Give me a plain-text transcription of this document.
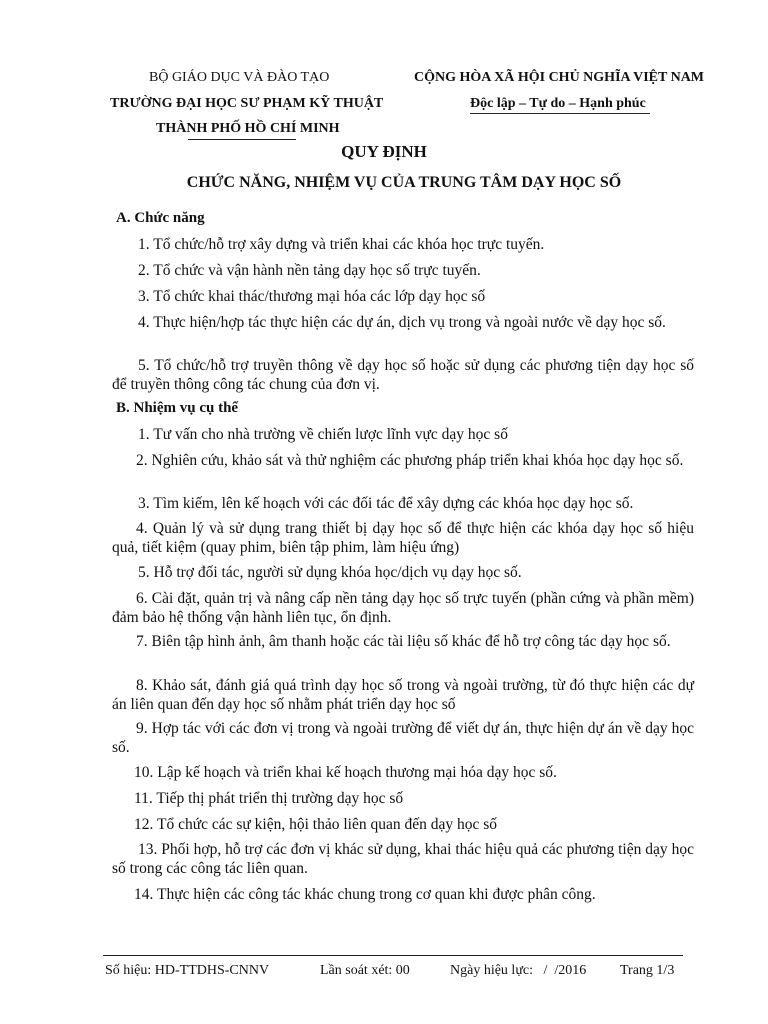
BỘ GIÁO DỤC VÀ ĐÀO TẠO
TRƯỜNG ĐẠI HỌC SƯ PHẠM KỸ THUẬT
THÀNH PHỐ HỒ CHÍ MINH
CỘNG HÒA XÃ HỘI CHỦ NGHĨA VIỆT NAM
Độc lập – Tự do – Hạnh phúc
QUY ĐỊNH
CHỨC NĂNG, NHIỆM VỤ CỦA TRUNG TÂM DẠY HỌC SỐ
A. Chức năng
1. Tổ chức/hỗ trợ xây dựng và triển khai các khóa học trực tuyến.
2. Tổ chức và vận hành nền tảng dạy học số trực tuyến.
3. Tổ chức khai thác/thương mại hóa các lớp dạy học số
4. Thực hiện/hợp tác thực hiện các dự án, dịch vụ trong và ngoài nước về dạy học số.
5. Tổ chức/hỗ trợ truyền thông về dạy học số hoặc sử dụng các phương tiện dạy học số để truyền thông công tác chung của đơn vị.
B. Nhiệm vụ cụ thể
1. Tư vấn cho nhà trường về chiến lược lĩnh vực dạy học số
2. Nghiên cứu, khảo sát và thử nghiệm các phương pháp triển khai khóa học dạy học số.
3. Tìm kiếm, lên kế hoạch với các đối tác để xây dựng các khóa học dạy học số.
4. Quản lý và sử dụng trang thiết bị dạy học số để thực hiện các khóa dạy học số hiệu quả, tiết kiệm (quay phim, biên tập phim, làm hiệu ứng)
5. Hỗ trợ đối tác, người sử dụng khóa học/dịch vụ dạy học số.
6. Cài đặt, quản trị và nâng cấp nền tảng dạy học số trực tuyến (phần cứng và phần mềm) đảm bảo hệ thống vận hành liên tục, ổn định.
7. Biên tập hình ảnh, âm thanh hoặc các tài liệu số khác để hỗ trợ công tác dạy học số.
8. Khảo sát, đánh giá quá trình dạy học số trong và ngoài trường, từ đó thực hiện các dự án liên quan đến dạy học số nhằm phát triển dạy học số
9. Hợp tác với các đơn vị trong và ngoài trường để viết dự án, thực hiện dự án về dạy học số.
10. Lập kế hoạch và triển khai kế hoạch thương mại hóa dạy học số.
11. Tiếp thị phát triển thị trường dạy học số
12. Tổ chức các sự kiện, hội thảo liên quan đến dạy học số
13. Phối hợp, hỗ trợ các đơn vị khác sử dụng, khai thác hiệu quả các phương tiện dạy học số trong các công tác liên quan.
14. Thực hiện các công tác khác chung trong cơ quan khi được phân công.
Số hiệu: HD-TTDHS-CNNV	Lần soát xét: 00	Ngày hiệu lực:   /  /2016 Trang 1/3
